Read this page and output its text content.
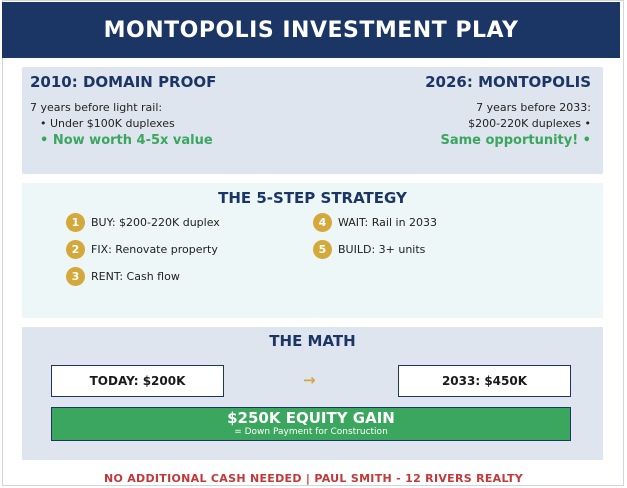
MONTOPOLIS INVESTMENT PLAY
2010: DOMAIN PROOF
7 years before light rail:
• Under $100K duplexes
• Now worth 4-5x value
2026: MONTOPOLIS
7 years before 2033:
$200-220K duplexes •
Same opportunity! •
THE 5-STEP STRATEGY
1	BUY: $200-220K duplex
2	FIX: Renovate property
3	RENT: Cash flow
4	WAIT: Rail in 2033
5	BUILD: 3+ units
THE MATH
TODAY: $200K	→	2033: $450K
$250K EQUITY GAIN
= Down Payment for Construction
NO ADDITIONAL CASH NEEDED | PAUL SMITH - 12 RIVERS REALTY
